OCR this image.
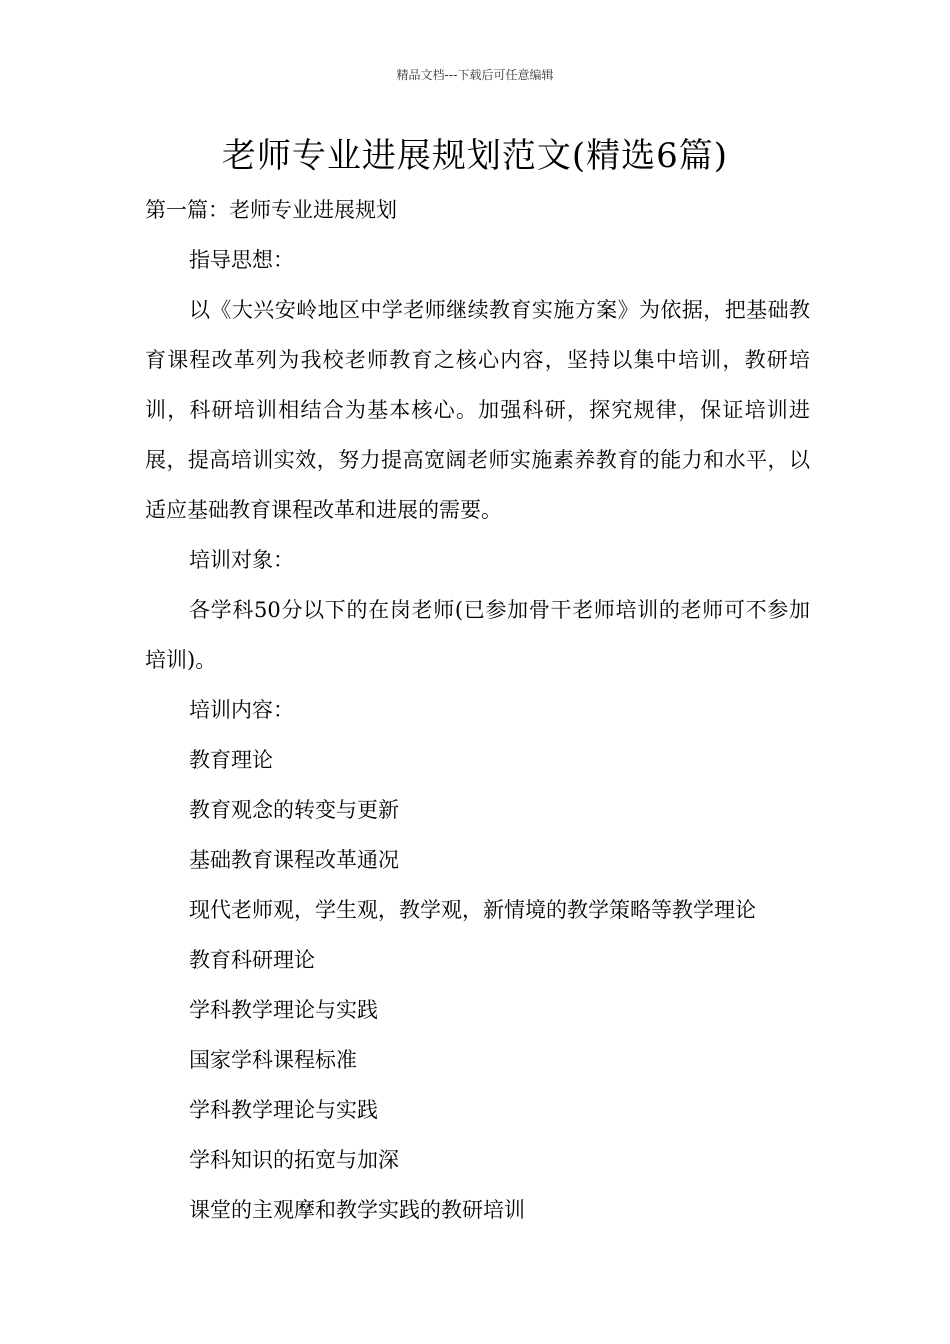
精品文档---下载后可任意编辑
老师专业进展规划范文(精选6篇)

第一篇：老师专业进展规划

指导思想：

以《大兴安岭地区中学老师继续教育实施方案》为依据，把基础教育课程改革列为我校老师教育之核心内容，坚持以集中培训，教研培训，科研培训相结合为基本核心。加强科研，探究规律，保证培训进展，提高培训实效，努力提高宽阔老师实施素养教育的能力和水平，以适应基础教育课程改革和进展的需要。

培训对象：

各学科50分以下的在岗老师(已参加骨干老师培训的老师可不参加培训)。

培训内容：

教育理论

教育观念的转变与更新

基础教育课程改革通况

现代老师观，学生观，教学观，新情境的教学策略等教学理论

教育科研理论

学科教学理论与实践

国家学科课程标准

学科教学理论与实践

学科知识的拓宽与加深

课堂的主观摩和教学实践的教研培训
